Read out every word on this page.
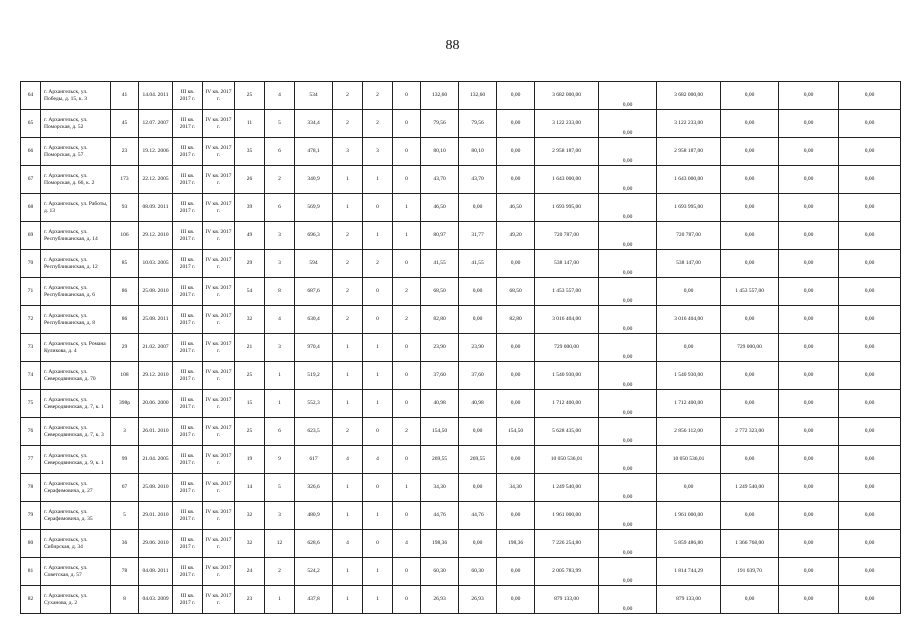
88
64	г. Архангельск, ул. Победы, д. 15, к. 3	41	14.04. 2011	III кв. 2017 г.	IV кв. 2017 г.	25	4	534	2	2	0	132,60	132,60	0,00	3 682 000,00	0,00	3 682 000,00	0,00	0,00	0,00
65	г. Архангельск, ул. Поморская, д. 52	45	12.07. 2007	III кв. 2017 г.	IV кв. 2017 г.	11	5	334,4	2	2	0	79,56	79,56	0,00	3 122 233,00	0,00	3 122 233,00	0,00	0,00	0,00
66	г. Архангельск, ул. Поморская, д. 57	23	19.12. 2006	III кв. 2017 г.	IV кв. 2017 г.	35	6	478,1	3	3	0	80,10	80,10	0,00	2 958 187,00	0,00	2 958 187,00	0,00	0,00	0,00
67	г. Архангельск, ул. Поморская, д. 66, к. 2	173	22.12. 2005	III кв. 2017 г.	IV кв. 2017 г.	26	2	340,9	1	1	0	43,70	43,70	0,00	1 643 000,00	0,00	1 643 000,00	0,00	0,00	0,00
68	г. Архангельск, ул. Работы, д. 13	93	08.09. 2011	III кв. 2017 г.	IV кв. 2017 г.	39	6	569,9	1	0	1	46,50	0,00	46,50	1 693 995,00	0,00	1 693 995,00	0,00	0,00	0,00
69	г. Архангельск, ул. Республиканская, д. 14	106	29.12. 2010	III кв. 2017 г.	IV кв. 2017 г.	49	3	696,3	2	1	1	80,97	31,77	49,20	720 787,00	0,00	720 787,00	0,00	0,00	0,00
70	г. Архангельск, ул. Республиканская, д. 12	85	10.03. 2005	III кв. 2017 г.	IV кв. 2017 г.	29	3	594	2	2	0	41,55	41,55	0,00	538 147,00	0,00	538 147,00	0,00	0,00	0,00
71	г. Архангельск, ул. Республиканская, д. 6	86	25.08. 2010	III кв. 2017 г.	IV кв. 2017 г.	54	8	687,6	2	0	2	68,50	0,00	68,50	1 453 557,00	0,00	0,00	1 453 557,00	0,00	0,00
72	г. Архангельск, ул. Республиканская, д. 8	86	25.08. 2011	III кв. 2017 г.	IV кв. 2017 г.	32	4	630,4	2	0	2	82,80	0,00	82,80	3 016 404,00	0,00	3 016 404,00	0,00	0,00	0,00
73	г. Архангельск, ул. Романа Куликова, д. 4	29	21.02. 2007	III кв. 2017 г.	IV кв. 2017 г.	21	3	970,4	1	1	0	23,90	23,90	0,00	729 000,00	0,00	0,00	729 000,00	0,00	0,00
74	г. Архангельск, ул. Северодвинская, д. 70	108	29.12. 2010	III кв. 2017 г.	IV кв. 2017 г.	25	1	519,2	1	1	0	37,60	37,60	0,00	1 540 930,00	0,00	1 540 930,00	0,00	0,00	0,00
75	г. Архангельск, ул. Северодвинская, д. 7, к. 1	398р	20.06. 2000	III кв. 2017 г.	IV кв. 2017 г.	15	1	552,3	1	1	0	40,98	40,98	0,00	1 712 400,00	0,00	1 712 400,00	0,00	0,00	0,00
76	г. Архангельск, ул. Северодвинская, д. 7, к. 3	3	26.01. 2010	III кв. 2017 г.	IV кв. 2017 г.	25	6	623,5	2	0	2	154,50	0,00	154,50	5 628 435,00	0,00	2 856 112,00	2 772 323,00	0,00	0,00
77	г. Архангельск, ул. Северодвинская, д. 9, к. 1	99	21.04. 2005	III кв. 2017 г.	IV кв. 2017 г.	19	9	617	4	4	0	269,55	269,55	0,00	10 050 536,01	0,00	10 050 536,01	0,00	0,00	0,00
78	г. Архангельск, ул. Серафимовича, д. 27	67	25.08. 2010	III кв. 2017 г.	IV кв. 2017 г.	14	5	326,6	1	0	1	34,30	0,00	34,30	1 249 540,00	0,00	0,00	1 249 540,00	0,00	0,00
79	г. Архангельск, ул. Серафимовича, д. 35	5	29.01. 2010	III кв. 2017 г.	IV кв. 2017 г.	32	3	480,9	1	1	0	44,76	44,76	0,00	1 961 000,00	0,00	1 961 000,00	0,00	0,00	0,00
80	г. Архангельск, ул. Сибирская, д. 34	36	29.06. 2010	III кв. 2017 г.	IV кв. 2017 г.	32	12	628,6	4	0	4	198,36	0,00	198,36	7 226 254,80	0,00	5 859 486,80	1 366 768,00	0,00	0,00
81	г. Архангельск, ул. Советская, д. 57	78	04.08. 2011	III кв. 2017 г.	IV кв. 2017 г.	24	2	524,2	1	1	0	60,30	60,30	0,00	2 005 783,99	0,00	1 814 744,29	191 039,70	0,00	0,00
82	г. Архангельск, ул. Суханова, д. 2	8	04.03. 2009	III кв. 2017 г.	IV кв. 2017 г.	23	1	437,8	1	1	0	26,93	26,93	0,00	879 133,00	0,00	879 133,00	0,00	0,00	0,00
